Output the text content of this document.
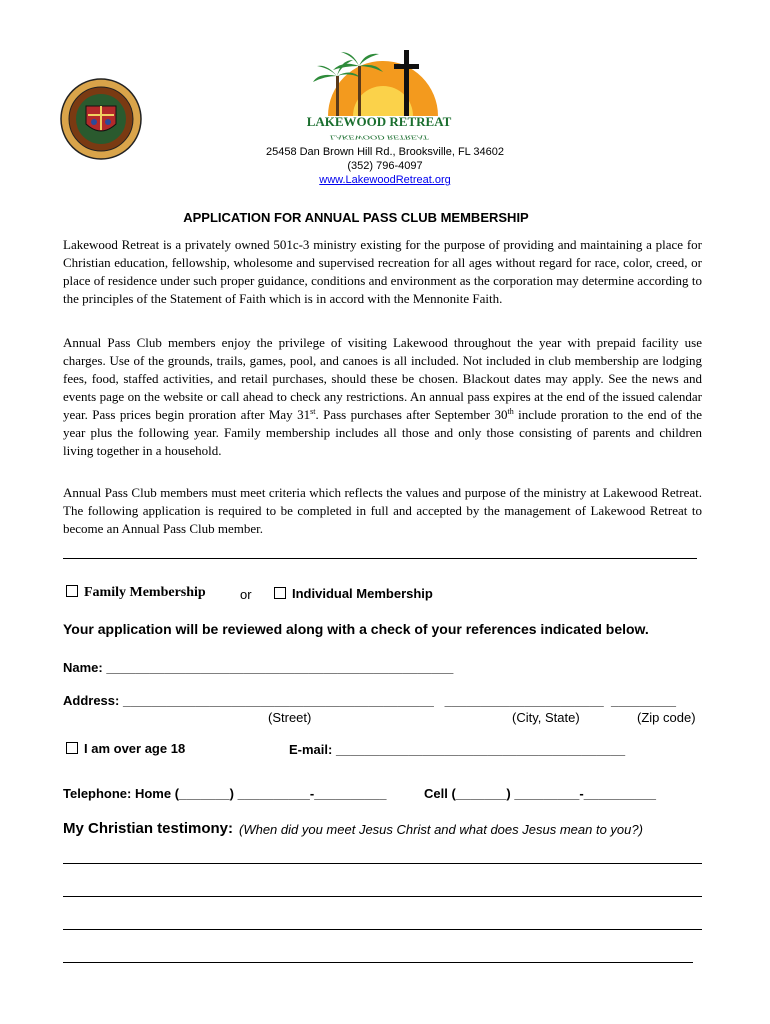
LAKEWOOD RETREAT
LAKEWOOD RETREAT
25458 Dan Brown Hill Rd., Brooksville, FL 34602
(352) 796-4097
www.LakewoodRetreat.org
APPLICATION FOR ANNUAL PASS CLUB MEMBERSHIP
Lakewood Retreat is a privately owned 501c-3 ministry existing for the purpose of providing and maintaining a place for Christian education, fellowship, wholesome and supervised recreation for all ages without regard for race, color, creed, or place of residence under such proper guidance, conditions and environment as the corporation may determine according to the principles of the Statement of Faith which is in accord with the Mennonite Faith.
Annual Pass Club members enjoy the privilege of visiting Lakewood throughout the year with prepaid facility use charges. Use of the grounds, trails, games, pool, and canoes is all included. Not included in club membership are lodging fees, food, staffed activities, and retail purchases, should these be chosen. Blackout dates may apply. See the news and events page on the website or call ahead to check any restrictions. An annual pass expires at the end of the issued calendar year. Pass prices begin proration after May 31st. Pass purchases after September 30th include proration to the end of the year plus the following year. Family membership includes all those and only those consisting of parents and children living together in a household.
Annual Pass Club members must meet criteria which reflects the values and purpose of the ministry at Lakewood Retreat. The following application is required to be completed in full and accepted by the management of Lakewood Retreat to become an Annual Pass Club member.
Family Membership	or	Individual Membership
Your application will be reviewed along with a check of your references indicated below.
Name: ________________________________________________
Address: ___________________________________________   ______________________  _________
(Street)	(City, State)	(Zip code)
I am over age 18	E-mail: ________________________________________
Telephone: Home (_______) __________-__________	Cell (_______) _________-__________
My Christian testimony: (When did you meet Jesus Christ and what does Jesus mean to you?)
